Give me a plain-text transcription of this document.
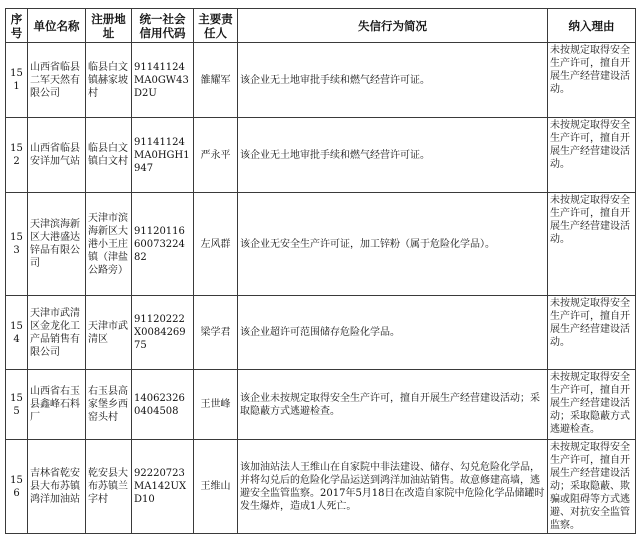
序号	单位名称	注册地址	统一社会信用代码	主要责任人	失信行为简况	纳入理由
151	山西省临县二军天然有限公司	临县白文镇赫家坡村	91141124MA0GW43D2U	雒耀军	该企业无土地审批手续和燃气经营许可证。	未按规定取得安全生产许可，擅自开展生产经营建设活动。
152	山西省临县安详加气站	临县白文镇白文村	91141124MA0HGH1947	严永平	该企业无土地审批手续和燃气经营许可证。	未按规定取得安全生产许可，擅自开展生产经营建设活动。
153	天津滨海新区大港盛达锌品有限公司	天津市滨海新区大港小王庄镇（津盐公路旁）	911201166007322482	左风群	该企业无安全生产许可证，加工锌粉（属于危险化学品）。	未按规定取得安全生产许可，擅自开展生产经营建设活动。
154	天津市武清区金龙化工产品销售有限公司	天津市武清区	91120222X008426975	梁学君	该企业超许可范围储存危险化学品。	未按规定取得安全生产许可，擅自开展生产经营建设活动。
155	山西省右玉县鑫峰石料厂	右玉县高家堡乡西窑头村	140623260404508	王世峰	该企业未按规定取得安全生产许可，擅自开展生产经营建设活动；采取隐蔽方式逃避检查。	未按规定取得安全生产许可，擅自开展生产经营建设活动；采取隐蔽方式逃避检查。
156	吉林省乾安县大布苏镇鸿洋加油站	乾安县大布苏镇兰字村	92220723MA142UXD10	王维山	该加油站法人王维山在自家院中非法建设、储存、勾兑危险化学品，并将勾兑后的危险化学品运送到鸿洋加油站销售。故意修建高墙，逃避安全监管监察。2017年5月18日在改造自家院中危险化学品储罐时发生爆炸，造成1人死亡。	未按规定取得安全生产许可，擅自开展生产经营建设活动；采取隐蔽、欺骗或阻碍等方式逃避、对抗安全监管监察。
